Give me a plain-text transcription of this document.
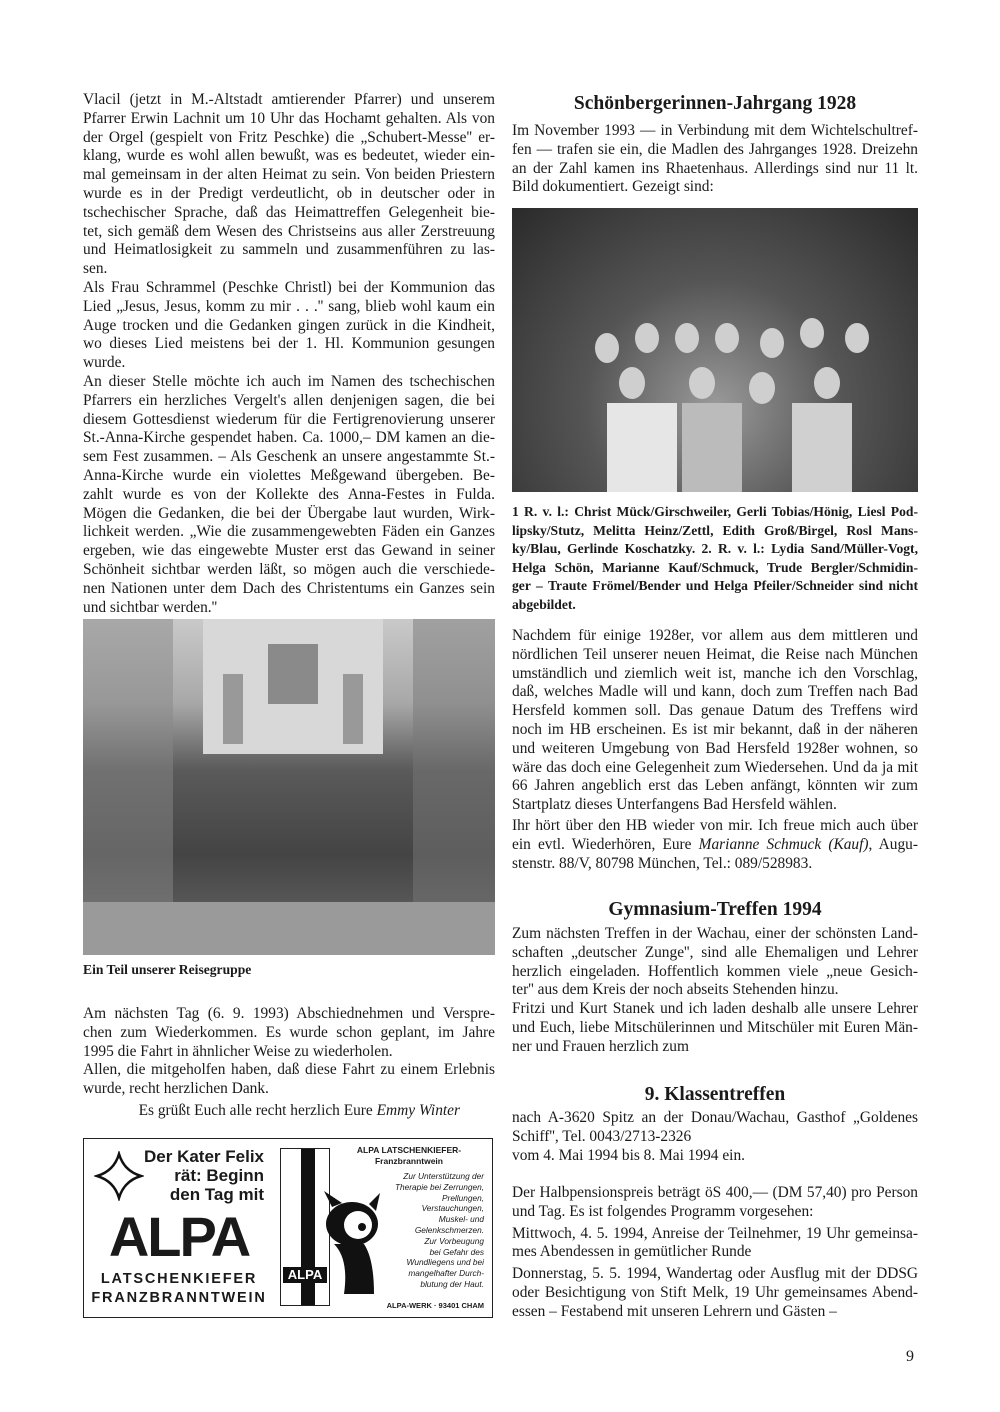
Vlacil (jetzt in M.-Altstadt amtierender Pfarrer) und unserem
Pfarrer Erwin Lachnit um 10 Uhr das Hochamt gehalten. Als von
der Orgel (gespielt von Fritz Peschke) die „Schubert-Messe'' er-
klang, wurde es wohl allen bewußt, was es bedeutet, wieder ein-
mal gemeinsam in der alten Heimat zu sein. Von beiden Priestern
wurde es in der Predigt verdeutlicht, ob in deutscher oder in
tschechischer Sprache, daß das Heimattreffen Gelegenheit bie-
tet, sich gemäß dem Wesen des Christseins aus aller Zerstreuung
und Heimatlosigkeit zu sammeln und zusammenführen zu las-
sen.
Als Frau Schrammel (Peschke Christl) bei der Kommunion das
Lied „Jesus, Jesus, komm zu mir . . .'' sang, blieb wohl kaum ein
Auge trocken und die Gedanken gingen zurück in die Kindheit,
wo dieses Lied meistens bei der 1. Hl. Kommunion gesungen
wurde.
An dieser Stelle möchte ich auch im Namen des tschechischen
Pfarrers ein herzliches Vergelt's allen denjenigen sagen, die bei
diesem Gottesdienst wiederum für die Fertigrenovierung unserer
St.-Anna-Kirche gespendet haben. Ca. 1000,– DM kamen an die-
sem Fest zusammen. – Als Geschenk an unsere angestammte St.-
Anna-Kirche wurde ein violettes Meßgewand übergeben. Be-
zahlt wurde es von der Kollekte des Anna-Festes in Fulda.
Mögen die Gedanken, die bei der Übergabe laut wurden, Wirk-
lichkeit werden. „Wie die zusammengewebten Fäden ein Ganzes
ergeben, wie das eingewebte Muster erst das Gewand in seiner
Schönheit sichtbar werden läßt, so mögen auch die verschiede-
nen Nationen unter dem Dach des Christentums ein Ganzes sein
und sichtbar werden.''
Ein Teil unserer Reisegruppe
Am nächsten Tag (6. 9. 1993) Abschiednehmen und Verspre-
chen zum Wiederkommen. Es wurde schon geplant, im Jahre
1995 die Fahrt in ähnlicher Weise zu wiederholen.
Allen, die mitgeholfen haben, daß diese Fahrt zu einem Erlebnis
wurde, recht herzlichen Dank.
Es grüßt Euch alle recht herzlich Eure Emmy Winter
Der Kater Felix
rät: Beginn
den Tag mit
ALPA
LATSCHENKIEFER
FRANZBRANNTWEIN
ALPA
ALPA LATSCHENKIEFER-
Franzbranntwein
Zur Unterstützung der
Therapie bei Zerrungen,
Prellungen,
Verstauchungen,
Muskel- und
Gelenkschmerzen.
Zur Vorbeugung
bei Gefahr des
Wundliegens und bei
mangelhafter Durch-
blutung der Haut.
ALPA-WERK · 93401 CHAM
Schönbergerinnen-Jahrgang 1928
Im November 1993 — in Verbindung mit dem Wichtelschultref-
fen — trafen sie ein, die Madlen des Jahrganges 1928. Dreizehn
an der Zahl kamen ins Rhaetenhaus. Allerdings sind nur 11 lt.
Bild dokumentiert. Gezeigt sind:
1 R. v. l.: Christ Mück/Girschweiler, Gerli Tobias/Hönig, Liesl Pod-
lipsky/Stutz, Melitta Heinz/Zettl, Edith Groß/Birgel, Rosl Mans-
ky/Blau, Gerlinde Koschatzky. 2. R. v. l.: Lydia Sand/Müller-Vogt,
Helga Schön, Marianne Kauf/Schmuck, Trude Bergler/Schmidin-
ger – Traute Frömel/Bender und Helga Pfeiler/Schneider sind nicht
abgebildet.
Nachdem für einige 1928er, vor allem aus dem mittleren und
nördlichen Teil unserer neuen Heimat, die Reise nach München
umständlich und ziemlich weit ist, manche ich den Vorschlag,
daß, welches Madle will und kann, doch zum Treffen nach Bad
Hersfeld kommen soll. Das genaue Datum des Treffens wird
noch im HB erscheinen. Es ist mir bekannt, daß in der näheren
und weiteren Umgebung von Bad Hersfeld 1928er wohnen, so
wäre das doch eine Gelegenheit zum Wiedersehen. Und da ja mit
66 Jahren angeblich erst das Leben anfängt, könnten wir zum
Startplatz dieses Unterfangens Bad Hersfeld wählen.
Ihr hört über den HB wieder von mir. Ich freue mich auch über
ein evtl. Wiederhören, Eure Marianne Schmuck (Kauf), Augu-
stenstr. 88/V, 80798 München, Tel.: 089/528983.
Gymnasium-Treffen 1994
Zum nächsten Treffen in der Wachau, einer der schönsten Land-
schaften „deutscher Zunge'', sind alle Ehemaligen und Lehrer
herzlich eingeladen. Hoffentlich kommen viele „neue Gesich-
ter'' aus dem Kreis der noch abseits Stehenden hinzu.
Fritzi und Kurt Stanek und ich laden deshalb alle unsere Lehrer
und Euch, liebe Mitschülerinnen und Mitschüler mit Euren Män-
ner und Frauen herzlich zum
9. Klassentreffen
nach A-3620 Spitz an der Donau/Wachau, Gasthof „Goldenes
Schiff'', Tel. 0043/2713-2326
vom 4. Mai 1994 bis 8. Mai 1994 ein.
Der Halbpensionspreis beträgt öS 400,— (DM 57,40) pro Person
und Tag. Es ist folgendes Programm vorgesehen:
Mittwoch, 4. 5. 1994, Anreise der Teilnehmer, 19 Uhr gemeinsa-
mes Abendessen in gemütlicher Runde
Donnerstag, 5. 5. 1994, Wandertag oder Ausflug mit der DDSG
oder Besichtigung von Stift Melk, 19 Uhr gemeinsames Abend-
essen – Festabend mit unseren Lehrern und Gästen –
9
